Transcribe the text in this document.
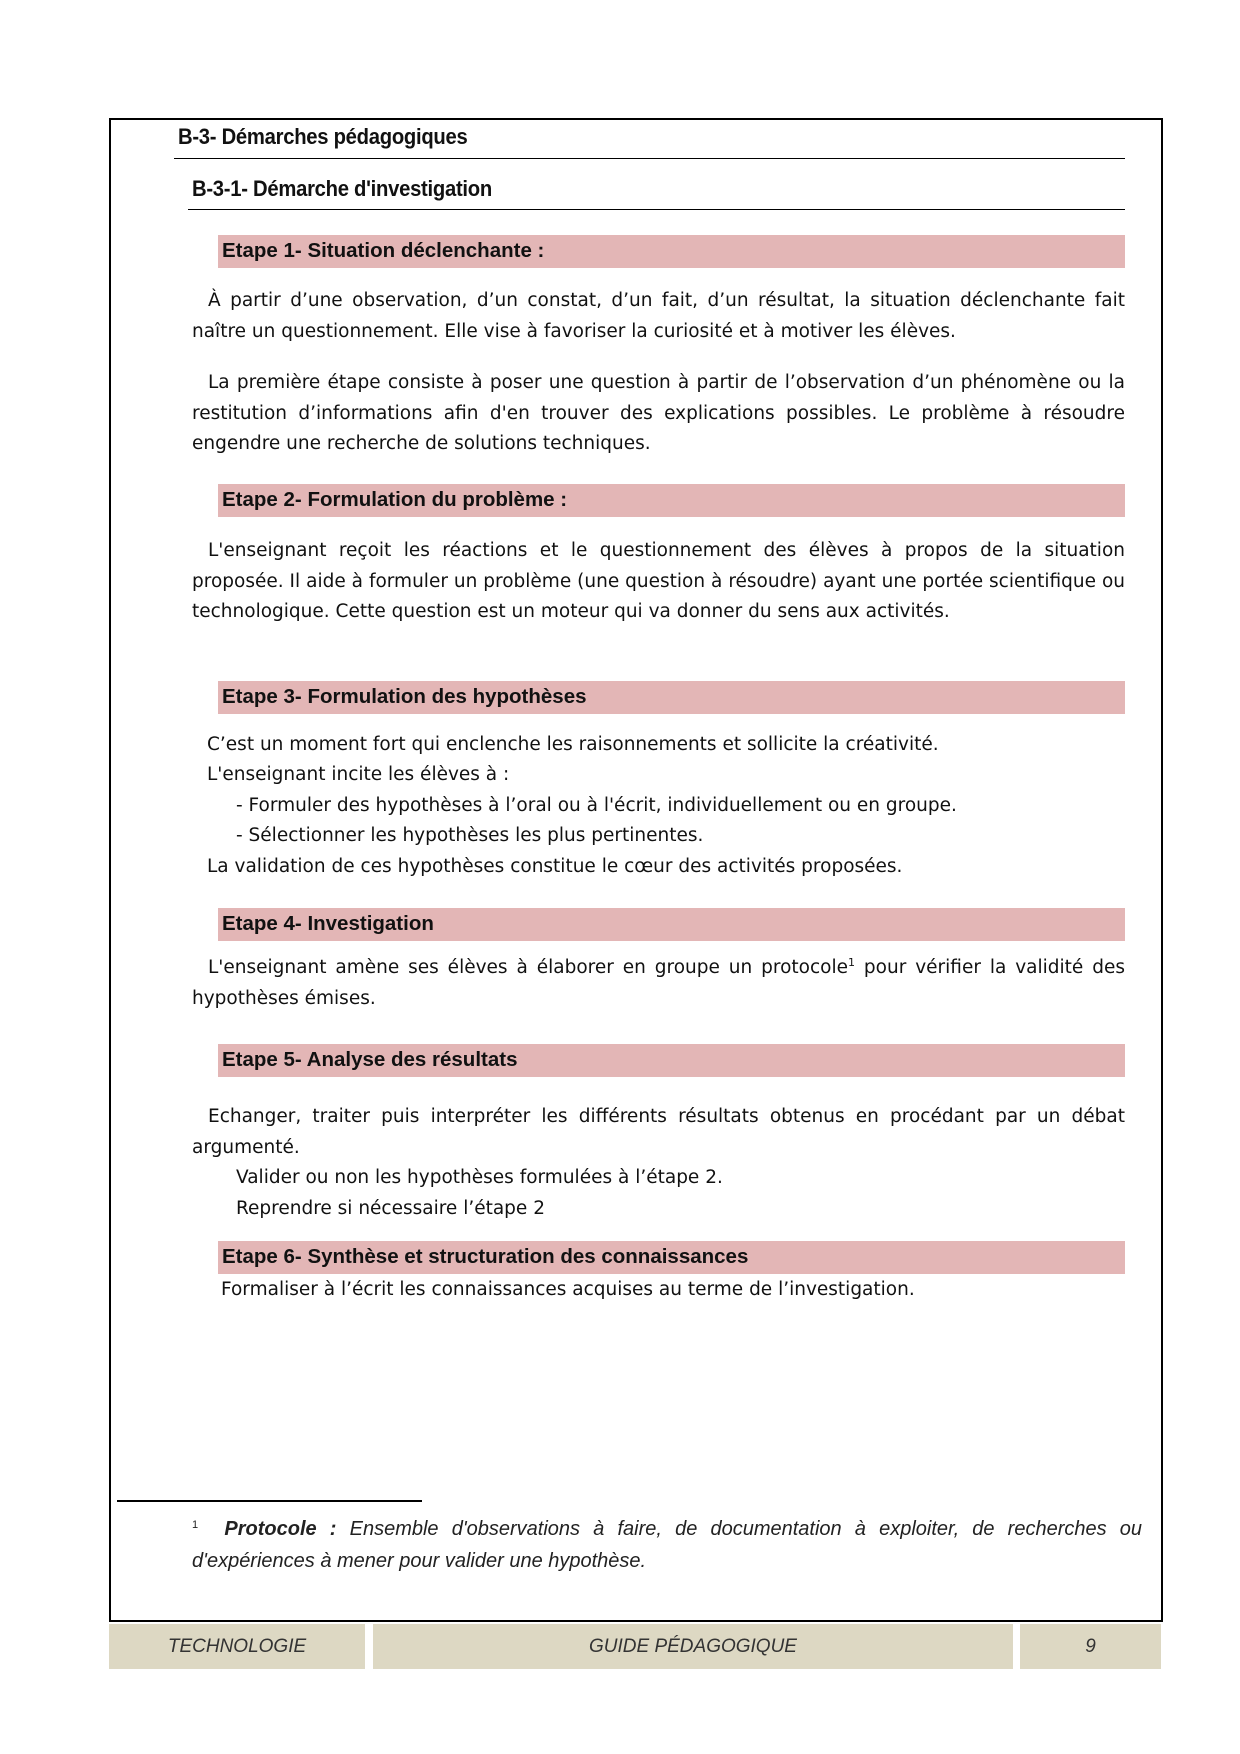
B-3- Démarches pédagogiques
B-3-1- Démarche d'investigation
Etape 1- Situation déclenchante :

À partir d’une observation, d’un constat, d’un fait, d’un résultat, la situation déclenchante fait naître un questionnement. Elle vise à favoriser la curiosité et à motiver les élèves.

La première étape consiste à poser une question à partir de l’observation d’un phénomène ou la restitution d’informations afin d'en trouver des explications possibles. Le problème à résoudre engendre une recherche de solutions techniques.

Etape 2- Formulation du problème :

L'enseignant reçoit les réactions et le questionnement des élèves à propos de la situation proposée. Il aide à formuler un problème (une question à résoudre) ayant une portée scientifique ou technologique. Cette question est un moteur qui va donner du sens aux activités.

Etape 3- Formulation des hypothèses
C’est un moment fort qui enclenche les raisonnements et sollicite la créativité.
L'enseignant incite les élèves à :
- Formuler des hypothèses à l’oral ou à l'écrit, individuellement ou en groupe.
- Sélectionner les hypothèses les plus pertinentes.
La validation de ces hypothèses constitue le cœur des activités proposées.
Etape 4- Investigation

L'enseignant amène ses élèves à élaborer en groupe un protocole$^1$ pour vérifier la validité des hypothèses émises.

Etape 5- Analyse des résultats

Echanger, traiter puis interpréter les différents résultats obtenus en procédant par un débat argumenté.

Valider ou non les hypothèses formulées à l’étape 2.
Reprendre si nécessaire l’étape 2
Etape 6- Synthèse et structuration des connaissances
Formaliser à l’écrit les connaissances acquises au terme de l’investigation.
$^1$ Protocole : Ensemble d'observations à faire, de documentation à exploiter, de recherches ou d'expériences à mener pour valider une hypothèse.
TECHNOLOGIE	GUIDE PÉDAGOGIQUE	9
